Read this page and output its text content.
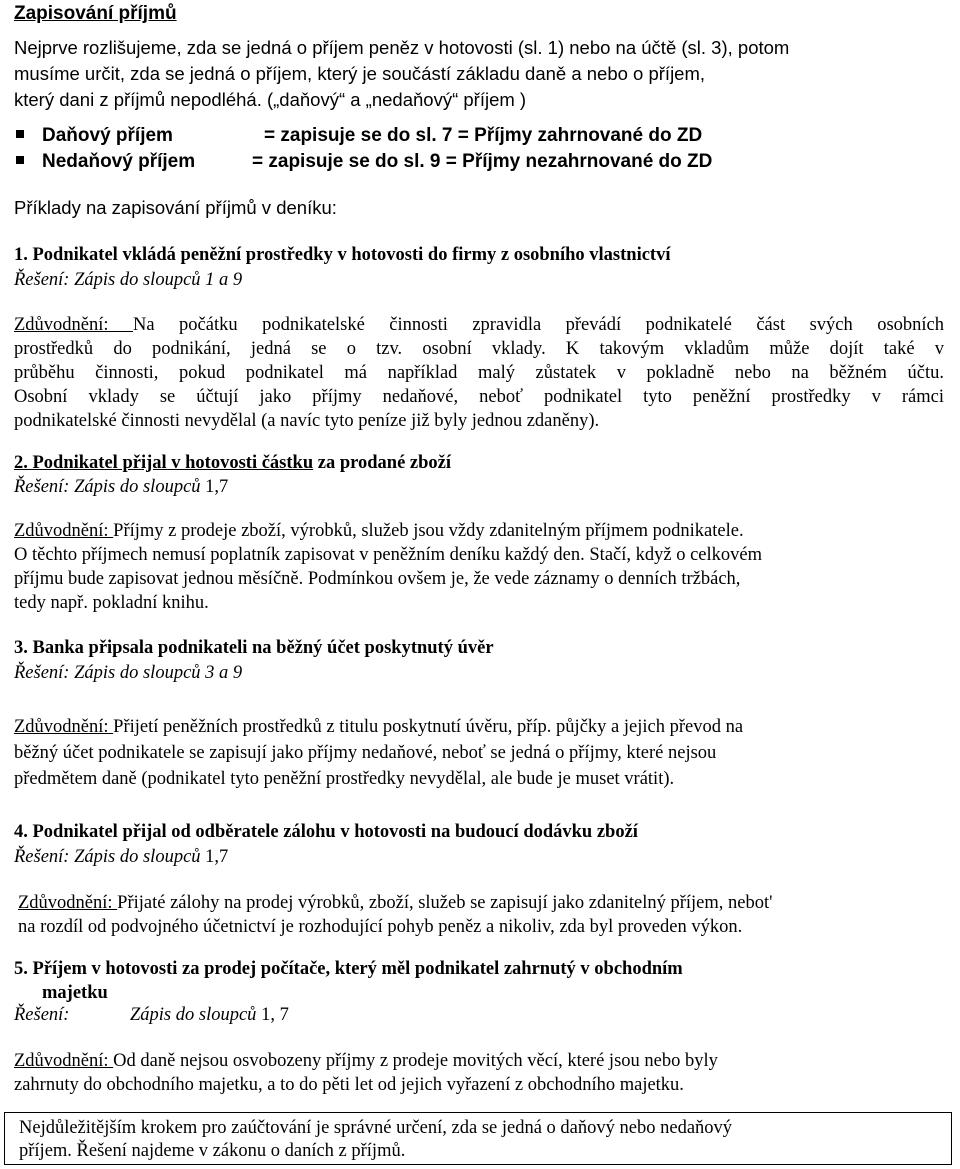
Zapisování příjmů
Nejprve rozlišujeme, zda se jedná o příjem peněz v hotovosti (sl. 1) nebo na účtě (sl. 3), potom
musíme určit, zda se jedná o příjem, který je součástí základu daně a nebo o příjem,
který dani z příjmů nepodléhá. („daňový“ a „nedaňový“ příjem )
Daňový příjem	= zapisuje se do sl. 7 = Příjmy zahrnované do ZD
Nedaňový příjem	= zapisuje se do sl. 9 = Příjmy nezahrnované do ZD
Příklady na zapisování příjmů v deníku:
1. Podnikatel vkládá peněžní prostředky v hotovosti do firmy z osobního vlastnictví
Řešení: Zápis do sloupců 1 a 9
Zdůvodnění: Na počátku podnikatelské činnosti zpravidla převádí podnikatelé část svých osobních
prostředků do podnikání, jedná se o tzv. osobní vklady. K takovým vkladům může dojít také v
průběhu činnosti, pokud podnikatel má například malý zůstatek v pokladně nebo na běžném účtu.
Osobní vklady se účtují jako příjmy nedaňové, neboť podnikatel tyto peněžní prostředky v rámci
podnikatelské činnosti nevydělal (a navíc tyto peníze již byly jednou zdaněny).
2. Podnikatel přijal v hotovosti částku za prodané zboží
Řešení: Zápis do sloupců 1,7
Zdůvodnění: Příjmy z prodeje zboží, výrobků, služeb jsou vždy zdanitelným příjmem podnikatele.
O těchto příjmech nemusí poplatník zapisovat v peněžním deníku každý den. Stačí, když o celkovém
příjmu bude zapisovat jednou měsíčně. Podmínkou ovšem je, že vede záznamy o denních tržbách,
tedy např. pokladní knihu.
3. Banka připsala podnikateli na běžný účet poskytnutý úvěr
Řešení: Zápis do sloupců 3 a 9
Zdůvodnění: Přijetí peněžních prostředků z titulu poskytnutí úvěru, příp. půjčky a jejich převod na
běžný účet podnikatele se zapisují jako příjmy nedaňové, neboť se jedná o příjmy, které nejsou
předmětem daně (podnikatel tyto peněžní prostředky nevydělal, ale bude je muset vrátit).
4. Podnikatel přijal od odběratele zálohu v hotovosti na budoucí dodávku zboží
Řešení: Zápis do sloupců 1,7
Zdůvodnění: Přijaté zálohy na prodej výrobků, zboží, služeb se zapisují jako zdanitelný příjem, nebot'
na rozdíl od podvojného účetnictví je rozhodující pohyb peněz a nikoliv, zda byl proveden výkon.
5. Příjem v hotovosti za prodej počítače, který měl podnikatel zahrnutý v obchodním
majetku
Řešení:	Zápis do sloupců 1, 7
Zdůvodnění: Od daně nejsou osvobozeny příjmy z prodeje movitých věcí, které jsou nebo byly
zahrnuty do obchodního majetku, a to do pěti let od jejich vyřazení z obchodního majetku.
Nejdůležitějším krokem pro zaúčtování je správné určení, zda se jedná o daňový nebo nedaňový
příjem. Řešení najdeme v zákonu o daních z příjmů.
